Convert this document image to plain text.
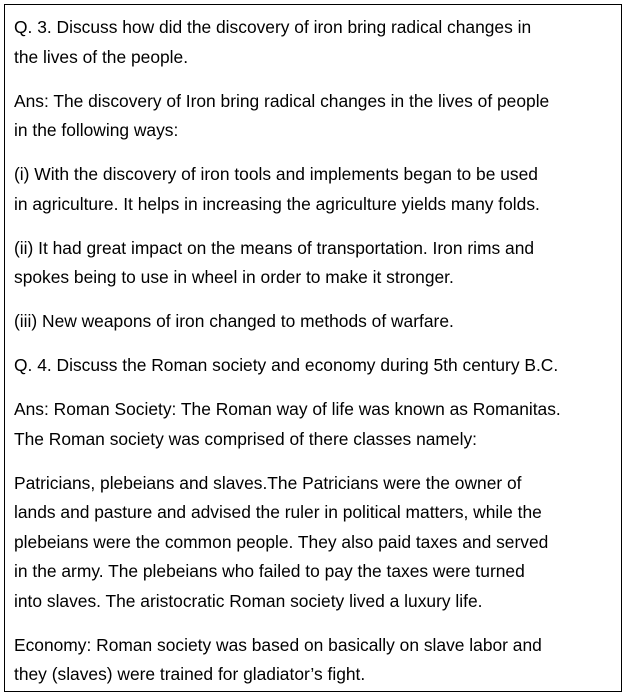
Q. 3. Discuss how did the discovery of iron bring radical changes in
the lives of the people.

Ans: The discovery of Iron bring radical changes in the lives of people
in the following ways:

(i) With the discovery of iron tools and implements began to be used
in agriculture. It helps in increasing the agriculture yields many folds.

(ii) It had great impact on the means of transportation. Iron rims and
spokes being to use in wheel in order to make it stronger.

(iii) New weapons of iron changed to methods of warfare.

Q. 4. Discuss the Roman society and economy during 5th century B.C.

Ans: Roman Society: The Roman way of life was known as Romanitas.
The Roman society was comprised of there classes namely:

Patricians, plebeians and slaves.The Patricians were the owner of
lands and pasture and advised the ruler in political matters, while the
plebeians were the common people. They also paid taxes and served
in the army. The plebeians who failed to pay the taxes were turned
into slaves. The aristocratic Roman society lived a luxury life.

Economy: Roman society was based on basically on slave labor and
they (slaves) were trained for gladiator’s fight.
